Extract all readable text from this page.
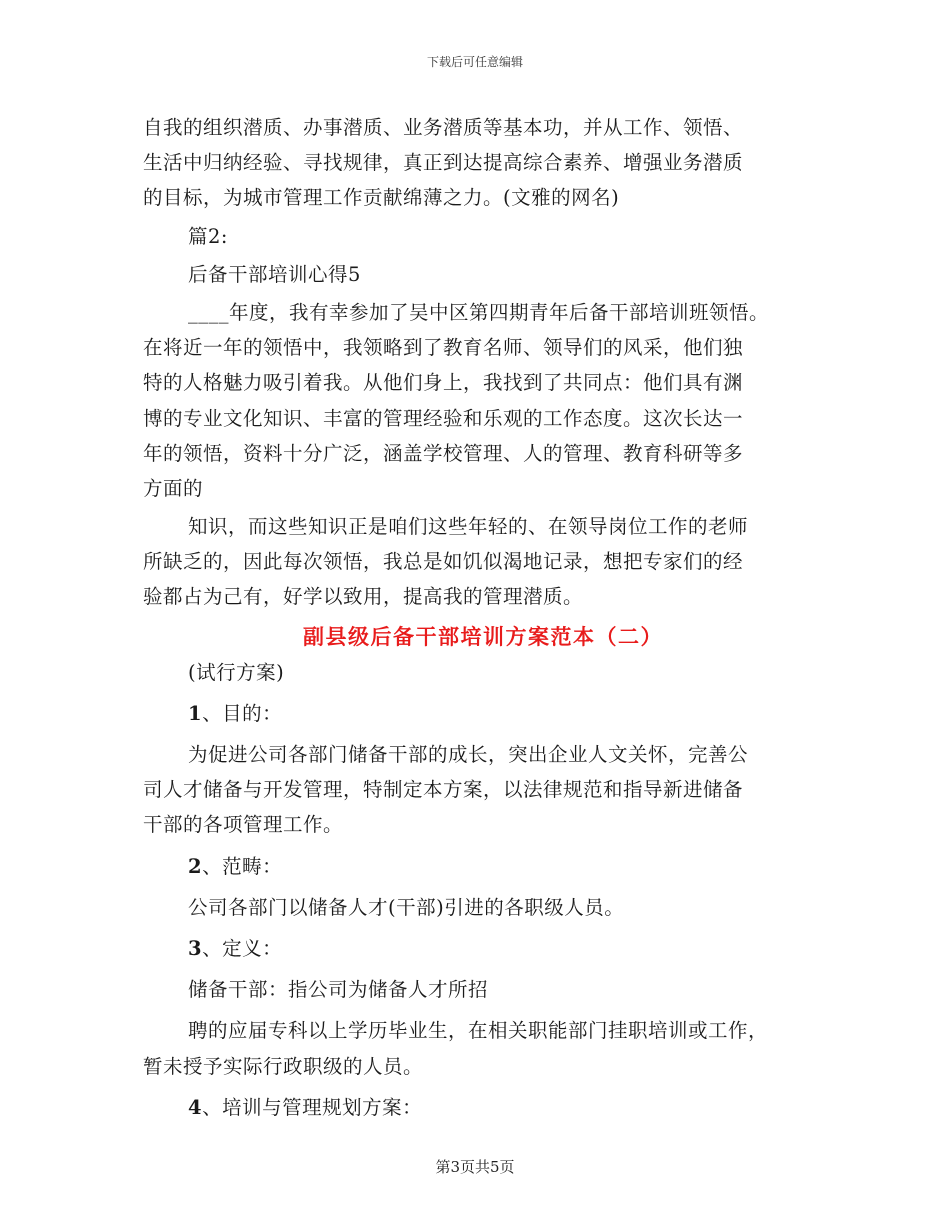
下载后可任意编辑
自我的组织潜质、办事潜质、业务潜质等基本功，并从工作、领悟、
生活中归纳经验、寻找规律，真正到达提高综合素养、增强业务潜质
的目标，为城市管理工作贡献绵薄之力。(文雅的网名)
篇2:
后备干部培训心得5
____年度，我有幸参加了吴中区第四期青年后备干部培训班领悟。
在将近一年的领悟中，我领略到了教育名师、领导们的风采，他们独
特的人格魅力吸引着我。从他们身上，我找到了共同点：他们具有渊
博的专业文化知识、丰富的管理经验和乐观的工作态度。这次长达一
年的领悟，资料十分广泛，涵盖学校管理、人的管理、教育科研等多
方面的
知识，而这些知识正是咱们这些年轻的、在领导岗位工作的老师
所缺乏的，因此每次领悟，我总是如饥似渴地记录，想把专家们的经
验都占为己有，好学以致用，提高我的管理潜质。
副县级后备干部培训方案范本（二）
(试行方案)
1、目的：
为促进公司各部门储备干部的成长，突出企业人文关怀，完善公
司人才储备与开发管理，特制定本方案，以法律规范和指导新进储备
干部的各项管理工作。
2、范畴：
公司各部门以储备人才(干部)引进的各职级人员。
3、定义：
储备干部：指公司为储备人才所招
聘的应届专科以上学历毕业生，在相关职能部门挂职培训或工作，
暂未授予实际行政职级的人员。
4、培训与管理规划方案：
第3页共5页
